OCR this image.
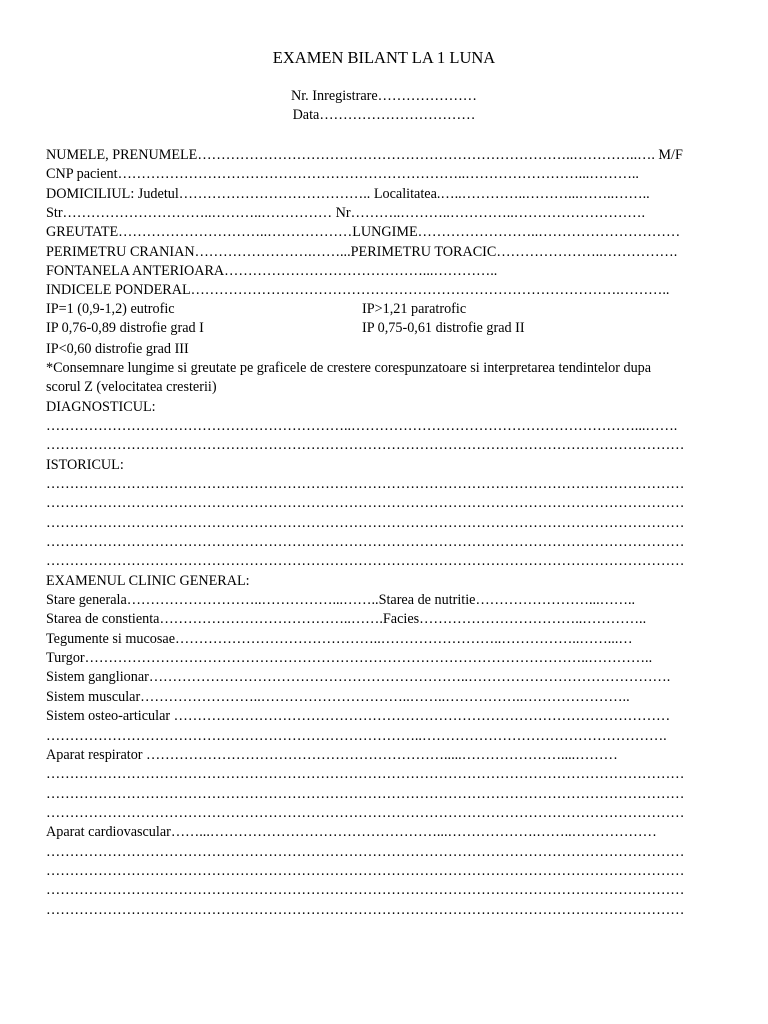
EXAMEN BILANT LA 1 LUNA
Nr. Inregistrare…………………
Data……………………………
NUMELE, PRENUMELE……………………………………………………………………..…………..…. M/F
CNP pacient………………………………………………………………..……………………...………..
DOMICILIUL: Judetul………………………………….. Localitatea.…..…………..………...……..……..
Str…………………………..………..…………… Nr………..………..…………..……………………….
GREUTATE…………………………..………………LUNGIME……………………..…………………………
PERIMETRU CRANIAN…………………….……...PERIMETRU TORACIC…………………..…………….
FONTANELA ANTERIOARA……………………………………...…………..
INDICELE PONDERAL……………………………………………………………………………….………..
IP<0,60 distrofie grad III
*Consemnare lungime si greutate pe graficele de crestere corespunzatoare si interpretarea tendintelor dupa
scorul Z (velocitatea cresterii)
DIAGNOSTICUL:
………………………………………………………..……………………………………………………...…….
………………………………………………………………………………………………………………………
ISTORICUL:
………………………………………………………………………………………………………………………
………………………………………………………………………………………………………………………
………………………………………………………………………………………………………………………
………………………………………………………………………………………………………………………
………………………………………………………………………………………………………………………
EXAMENUL CLINIC GENERAL:
Stare generala………………………..……………...……..Starea de nutritie……………………...……..
Starea de constienta…………………………………..…….Facies……………………………..…………..
Tegumente si mucosae……………………………………..……………………..……………..……...…
Turgor……………………………………………………………………………………………..…………..
Sistem ganglionar…………………………………………………………..…………………………………….
Sistem muscular……………………..…………………………..……..……………..…………………..
Sistem osteo-articular ……………………………………………………………………………………………
……………………………………………………………………..…………………………………………….
Aparat respirator ……………………………………………………….....…………………....………
………………………………………………………………………………………………………………………
………………………………………………………………………………………………………………………
………………………………………………………………………………………………………………………
Aparat cardiovascular……...…………………………………………...……………….……..………………
………………………………………………………………………………………………………………………
………………………………………………………………………………………………………………………
………………………………………………………………………………………………………………………
………………………………………………………………………………………………………………………
IP=1 (0,9-1,2) eutrofic	IP>1,21 paratrofic
IP 0,76-0,89 distrofie grad I	IP 0,75-0,61 distrofie grad II
